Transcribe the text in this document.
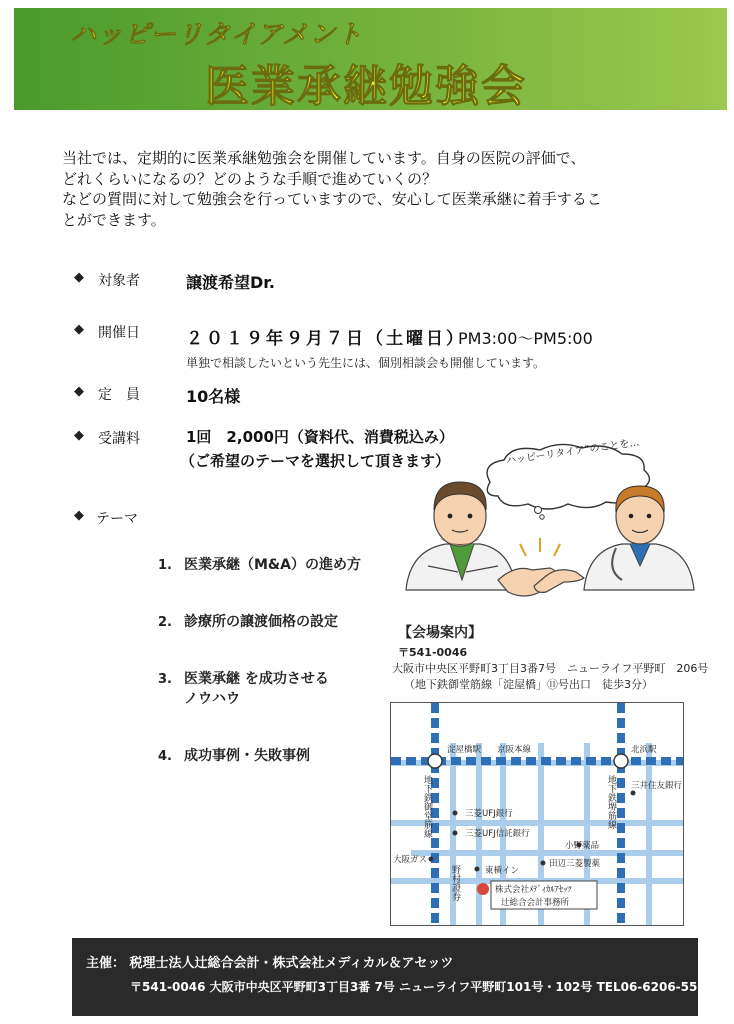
ハッピーリタイアメント
医業承継勉強会
当社では、定期的に医業承継勉強会を開催しています。自身の医院の評価で、
どれくらいになるの？どのような手順で進めていくの？
などの質問に対して勉強会を行っていますので、安心して医業承継に着手するこ
とができます。
◆ 対象者	譲渡希望Dr.
◆ 開催日	２０１９年９月７日（土曜日）
PM3:00～PM5:00
単独で相談したいという先生には、個別相談会も開催しています。
◆ 定　員	10名様
◆ 受講料	1回　2,000円（資料代、消費税込み）
（ご希望のテーマを選択して頂きます）
◆ テーマ
1. 医業承継（M&A）の進め方
2. 診療所の譲渡価格の設定
3. 医業承継 を成功させる
ノウハウ
4. 成功事例・失敗事例
ハッピーリタイア”のことを…
【会場案内】
〒541-0046
大阪市中央区平野町3丁目3番7号　ニューライフ平野町　206号
（地下鉄御堂筋線「淀屋橋」⑪号出口　徒歩3分）
淀屋橋駅 京阪本線	北浜駅
三井住友銀行
地下鉄御堂筋線	地下鉄堺筋線
三菱UFJ銀行
三菱UFJ信託銀行
小野薬品
大阪ガス
東横イン
田辺三菱製薬
野村證券	株式会社ﾒﾃﾞｨｶﾙｱｾｯﾂ
辻総合会計事務所
主催： 税理士法人辻総合会計・株式会社メディカル＆アセッツ
〒541-0046 大阪市中央区平野町3丁目3番 7号 ニューライフ平野町101号・102号 TEL06-6206-5510
